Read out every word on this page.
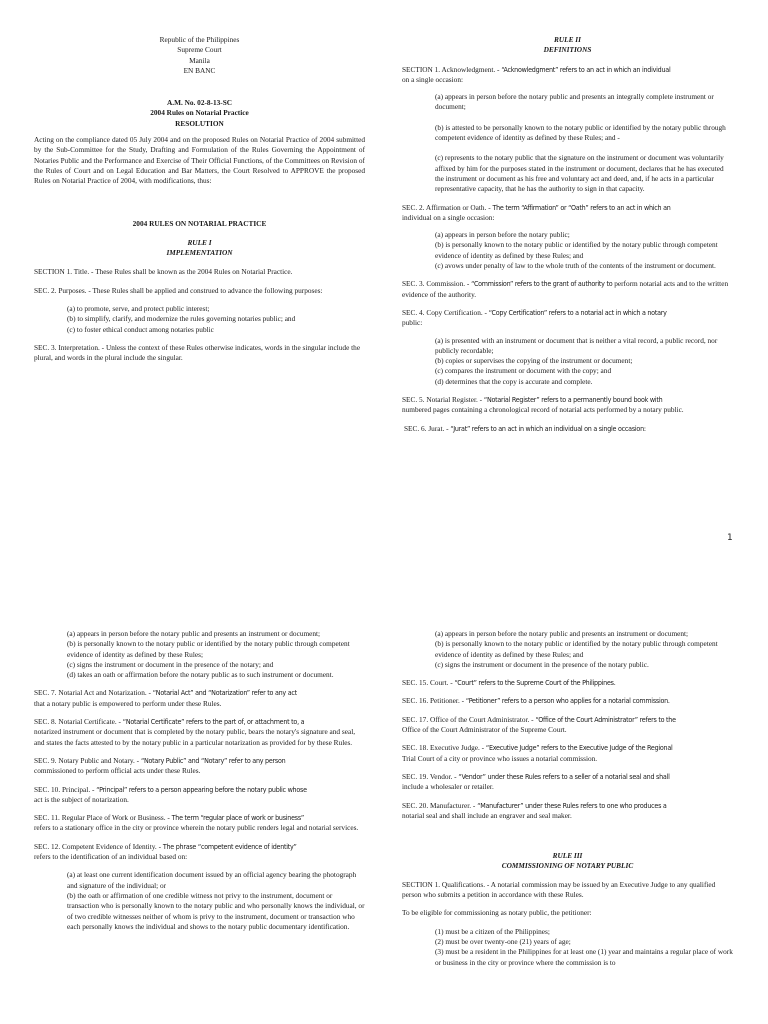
Republic of the Philippines

Supreme Court

Manila

EN BANC

A.M. No. 02-8-13-SC

2004 Rules on Notarial Practice

RESOLUTION

Acting on the compliance dated 05 July 2004 and on the proposed Rules on Notarial Practice of 2004 submitted by the Sub-Committee for the Study, Drafting and Formulation of the Rules Governing the Appointment of Notaries Public and the Performance and Exercise of Their Official Functions, of the Committees on Revision of the Rules of Court and on Legal Education and Bar Matters, the Court Resolved to APPROVE the proposed Rules on Notarial Practice of 2004, with modifications, thus:

2004 RULES ON NOTARIAL PRACTICE

RULE I

IMPLEMENTATION

SECTION 1. Title. - These Rules shall be known as the 2004 Rules on Notarial Practice.

SEC. 2. Purposes. - These Rules shall be applied and construed to advance the following purposes:

(a) to promote, serve, and protect public interest;

(b) to simplify, clarify, and modernize the rules governing notaries public; and

(c) to foster ethical conduct among notaries public

SEC. 3. Interpretation. - Unless the context of these Rules otherwise indicates, words in the singular include the plural, and words in the plural include the singular.

RULE II

DEFINITIONS

SECTION 1. Acknowledgment. - “Acknowledgment” refers to an act in which an individual

on a single occasion:

(a) appears in person before the notary public and presents an integrally complete instrument or document;

(b) is attested to be personally known to the notary public or identified by the notary public through competent evidence of identity as defined by these Rules; and -

(c) represents to the notary public that the signature on the instrument or document was voluntarily affixed by him for the purposes stated in the instrument or document, declares that he has executed the instrument or document as his free and voluntary act and deed, and, if he acts in a particular representative capacity, that he has the authority to sign in that capacity.

SEC. 2. Affirmation or Oath. - The term “Affirmation” or “Oath” refers to an act in which an

individual on a single occasion:

(a) appears in person before the notary public;

(b) is personally known to the notary public or identified by the notary public through competent evidence of identity as defined by these Rules; and

(c) avows under penalty of law to the whole truth of the contents of the instrument or document.

SEC. 3. Commission. - “Commission” refers to the grant of authority to perform notarial acts and to the written evidence of the authority.

SEC. 4. Copy Certification. - “Copy Certification” refers to a notarial act in which a notary

public:

(a) is presented with an instrument or document that is neither a vital record, a public record, nor publicly recordable;

(b) copies or supervises the copying of the instrument or document;

(c) compares the instrument or document with the copy; and

(d) determines that the copy is accurate and complete.

SEC. 5. Notarial Register. - “Notarial Register” refers to a permanently bound book with

numbered pages containing a chronological record of notarial acts performed by a notary public.

SEC. 6. Jurat. - “Jurat” refers to an act in which an individual on a single occasion:

1

(a) appears in person before the notary public and presents an instrument or document;

(b) is personally known to the notary public or identified by the notary public through competent evidence of identity as defined by these Rules;

(c) signs the instrument or document in the presence of the notary; and

(d) takes an oath or affirmation before the notary public as to such instrument or document.

SEC. 7. Notarial Act and Notarization. - “Notarial Act” and “Notarization” refer to any act

that a notary public is empowered to perform under these Rules.

SEC. 8. Notarial Certificate. - “Notarial Certificate” refers to the part of, or attachment to, a

notarized instrument or document that is completed by the notary public, bears the notary's signature and seal, and states the facts attested to by the notary public in a particular notarization as provided for by these Rules.

SEC. 9. Notary Public and Notary. - “Notary Public” and “Notary” refer to any person

commissioned to perform official acts under these Rules.

SEC. 10. Principal. - “Principal” refers to a person appearing before the notary public whose

act is the subject of notarization.

SEC. 11. Regular Place of Work or Business. - The term “regular place of work or business”

refers to a stationary office in the city or province wherein the notary public renders legal and notarial services.

SEC. 12. Competent Evidence of Identity. - The phrase “competent evidence of identity”

refers to the identification of an individual based on:

(a) at least one current identification document issued by an official agency bearing the photograph and signature of the individual; or

(b) the oath or affirmation of one credible witness not privy to the instrument, document or transaction who is personally known to the notary public and who personally knows the individual, or of two credible witnesses neither of whom is privy to the instrument, document or transaction who each personally knows the individual and shows to the notary public documentary identification.

(a) appears in person before the notary public and presents an instrument or document;

(b) is personally known to the notary public or identified by the notary public through competent evidence of identity as defined by these Rules; and

(c) signs the instrument or document in the presence of the notary public.

SEC. 15. Court. - “Court” refers to the Supreme Court of the Philippines.

SEC. 16. Petitioner. - “Petitioner” refers to a person who applies for a notarial commission.

SEC. 17. Office of the Court Administrator. - “Office of the Court Administrator” refers to the

Office of the Court Administrator of the Supreme Court.

SEC. 18. Executive Judge. - “Executive Judge” refers to the Executive Judge of the Regional

Trial Court of a city or province who issues a notarial commission.

SEC. 19. Vendor. - “Vendor” under these Rules refers to a seller of a notarial seal and shall

include a wholesaler or retailer.

SEC. 20. Manufacturer. - “Manufacturer” under these Rules refers to one who produces a

notarial seal and shall include an engraver and seal maker.

RULE III

COMMISSIONING OF NOTARY PUBLIC

SECTION 1. Qualifications. - A notarial commission may be issued by an Executive Judge to any qualified person who submits a petition in accordance with these Rules.

To be eligible for commissioning as notary public, the petitioner:

(1) must be a citizen of the Philippines;

(2) must be over twenty-one (21) years of age;

(3) must be a resident in the Philippines for at least one (1) year and maintains a regular place of work or business in the city or province where the commission is to
